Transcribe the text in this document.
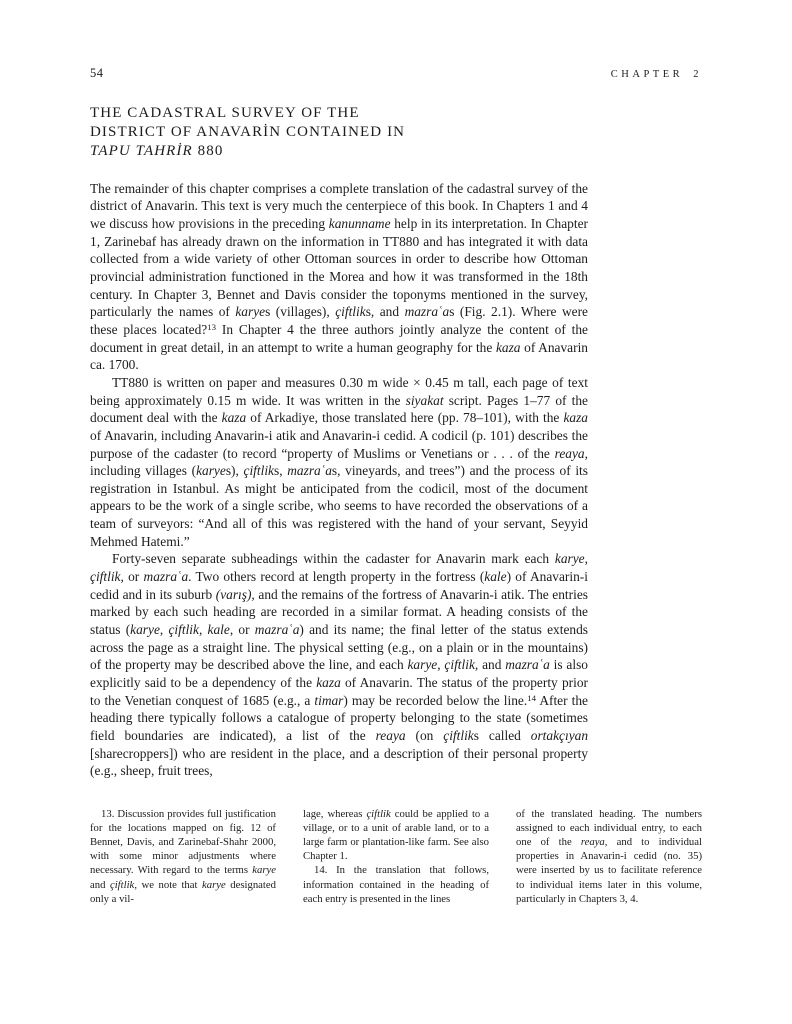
54	CHAPTER 2
THE CADASTRAL SURVEY OF THE
DISTRICT OF ANAVARİN CONTAINED IN
TAPU TAHRİR 880

The remainder of this chapter comprises a complete translation of the cadastral survey of the district of Anavarin. This text is very much the centerpiece of this book. In Chapters 1 and 4 we discuss how provisions in the preceding kanunname help in its interpretation. In Chapter 1, Zarinebaf has already drawn on the information in TT880 and has integrated it with data collected from a wide variety of other Ottoman sources in order to describe how Ottoman provincial administration functioned in the Morea and how it was transformed in the 18th century. In Chapter 3, Bennet and Davis consider the toponyms mentioned in the survey, particularly the names of karyes (villages), çiftliks, and mazraʿas (Fig. 2.1). Where were these places located?$^{13}$ In Chapter 4 the three authors jointly analyze the content of the document in great detail, in an attempt to write a human geography for the kaza of Anavarin ca. 1700.

TT880 is written on paper and measures 0.30 m wide × 0.45 m tall, each page of text being approximately 0.15 m wide. It was written in the siyakat script. Pages 1–77 of the document deal with the kaza of Arkadiye, those translated here (pp. 78–101), with the kaza of Anavarin, including Anavarin-i atik and Anavarin-i cedid. A codicil (p. 101) describes the purpose of the cadaster (to record “property of Muslims or Venetians or . . . of the reaya, including villages (karyes), çiftliks, mazraʿas, vineyards, and trees”) and the process of its registration in Istanbul. As might be anticipated from the codicil, most of the document appears to be the work of a single scribe, who seems to have recorded the observations of a team of surveyors: “And all of this was registered with the hand of your servant, Seyyid Mehmed Hatemi.”

Forty-seven separate subheadings within the cadaster for Anavarin mark each karye, çiftlik, or mazraʿa. Two others record at length property in the fortress (kale) of Anavarin-i cedid and in its suburb (varış), and the remains of the fortress of Anavarin-i atik. The entries marked by each such heading are recorded in a similar format. A heading consists of the status (karye, çiftlik, kale, or mazraʿa) and its name; the final letter of the status extends across the page as a straight line. The physical setting (e.g., on a plain or in the mountains) of the property may be described above the line, and each karye, çiftlik, and mazraʿa is also explicitly said to be a dependency of the kaza of Anavarin. The status of the property prior to the Venetian conquest of 1685 (e.g., a timar) may be recorded below the line.$^{14}$ After the heading there typically follows a catalogue of property belonging to the state (sometimes field boundaries are indicated), a list of the reaya (on çiftliks called ortakçıyan [sharecroppers]) who are resident in the place, and a description of their personal property (e.g., sheep, fruit trees,

13. Discussion provides full justification for the locations mapped on fig. 12 of Bennet, Davis, and Zarinebaf-Shahr 2000, with some minor adjustments where necessary. With regard to the terms karye and çiftlik, we note that karye designated only a vil-

lage, whereas çiftlik could be applied to a village, or to a unit of arable land, or to a large farm or plantation-like farm. See also Chapter 1.

14. In the translation that follows, information contained in the heading of each entry is presented in the lines

of the translated heading. The numbers assigned to each individual entry, to each one of the reaya, and to individual properties in Anavarin-i cedid (no. 35) were inserted by us to facilitate reference to individual items later in this volume, particularly in Chapters 3, 4.
